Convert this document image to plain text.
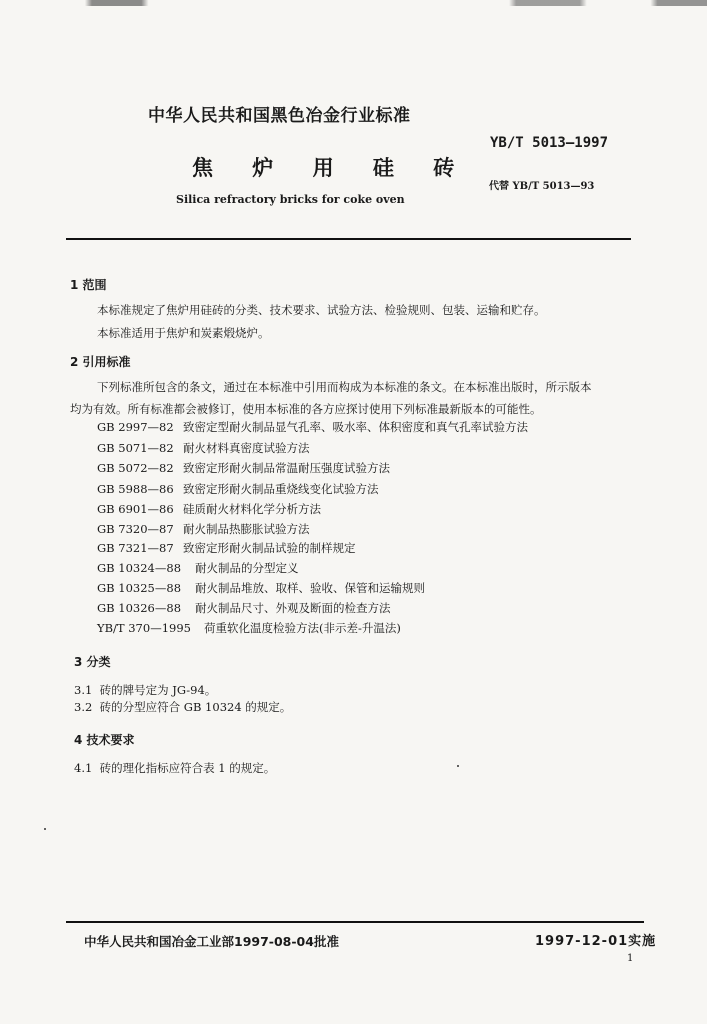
中华人民共和国黑色冶金行业标准
YB/T 5013—1997
焦 炉 用 硅 砖
代替 YB/T 5013—93
Silica refractory bricks for coke oven
1 范围
本标准规定了焦炉用硅砖的分类、技术要求、试验方法、检验规则、包装、运输和贮存。
本标准适用于焦炉和炭素煅烧炉。
2 引用标准
下列标准所包含的条文，通过在本标准中引用而构成为本标准的条文。在本标准出版时，所示版本
均为有效。所有标准都会被修订，使用本标准的各方应探讨使用下列标准最新版本的可能性。
GB 2997—82 致密定型耐火制品显气孔率、吸水率、体积密度和真气孔率试验方法
GB 5071—82 耐火材料真密度试验方法
GB 5072—82 致密定形耐火制品常温耐压强度试验方法
GB 5988—86 致密定形耐火制品重烧线变化试验方法
GB 6901—86 硅质耐火材料化学分析方法
GB 7320—87 耐火制品热膨胀试验方法
GB 7321—87 致密定形耐火制品试验的制样规定
GB 10324—88 耐火制品的分型定义
GB 10325—88 耐火制品堆放、取样、验收、保管和运输规则
GB 10326—88 耐火制品尺寸、外观及断面的检查方法
YB/T 370—1995 荷重软化温度检验方法(非示差-升温法)
3 分类
3.1 砖的牌号定为 JG-94。
3.2 砖的分型应符合 GB 10324 的规定。
4 技术要求
4.1 砖的理化指标应符合表 1 的规定。
中华人民共和国冶金工业部1997-08-04批准	1997-12-01实施
1
